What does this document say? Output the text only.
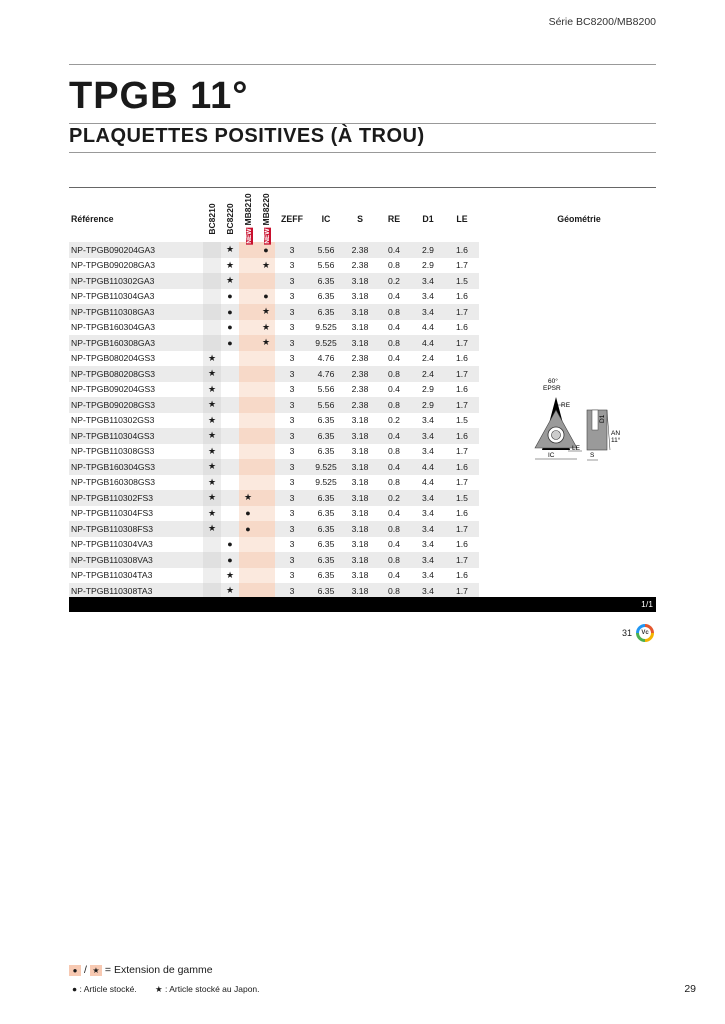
Série BC8200/MB8200
TPGB 11°
PLAQUETTES POSITIVES (À TROU)
Référence	BC8210	BC8220	NEWMB8210	NEWMB8220	ZEFF	IC	S	RE	D1	LE	Géométrie
NP-TPGB090204GA3		★		●	3	5.56	2.38	0.4	2.9	1.6	
NP-TPGB090208GA3		★		★	3	5.56	2.38	0.8	2.9	1.7	
NP-TPGB110302GA3		★			3	6.35	3.18	0.2	3.4	1.5	
NP-TPGB110304GA3		●		●	3	6.35	3.18	0.4	3.4	1.6	
NP-TPGB110308GA3		●		★	3	6.35	3.18	0.8	3.4	1.7	
NP-TPGB160304GA3		●		★	3	9.525	3.18	0.4	4.4	1.6	
NP-TPGB160308GA3		●		★	3	9.525	3.18	0.8	4.4	1.7	
NP-TPGB080204GS3	★				3	4.76	2.38	0.4	2.4	1.6	
NP-TPGB080208GS3	★				3	4.76	2.38	0.8	2.4	1.7	
NP-TPGB090204GS3	★				3	5.56	2.38	0.4	2.9	1.6	
NP-TPGB090208GS3	★				3	5.56	2.38	0.8	2.9	1.7	
NP-TPGB110302GS3	★				3	6.35	3.18	0.2	3.4	1.5	
NP-TPGB110304GS3	★				3	6.35	3.18	0.4	3.4	1.6	
NP-TPGB110308GS3	★				3	6.35	3.18	0.8	3.4	1.7	
NP-TPGB160304GS3	★				3	9.525	3.18	0.4	4.4	1.6	
NP-TPGB160308GS3	★				3	9.525	3.18	0.8	4.4	1.7	
NP-TPGB110302FS3	★		★		3	6.35	3.18	0.2	3.4	1.5	
NP-TPGB110304FS3	★		●		3	6.35	3.18	0.4	3.4	1.6	
NP-TPGB110308FS3	★		●		3	6.35	3.18	0.8	3.4	1.7	
NP-TPGB110304VA3		●			3	6.35	3.18	0.4	3.4	1.6	
NP-TPGB110308VA3		●			3	6.35	3.18	0.8	3.4	1.7	
NP-TPGB110304TA3		★			3	6.35	3.18	0.4	3.4	1.6	
NP-TPGB110308TA3		★			3	6.35	3.18	0.8	3.4	1.7	
60°
EPSR
RE
IC
LE
D1
AN
11°
S
1/1
31	Vc
● / ★ = Extension de gamme
● : Article stocké. ★ : Article stocké au Japon.	29
